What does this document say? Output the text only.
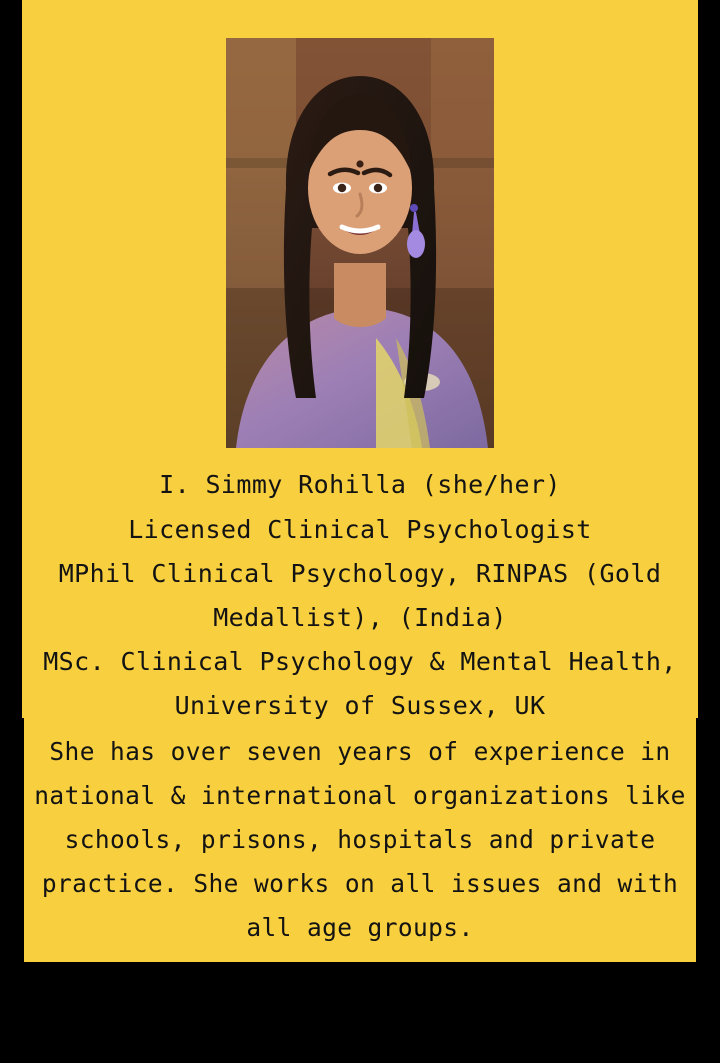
I. Simmy Rohilla (she/her)
Licensed Clinical Psychologist
MPhil Clinical Psychology, RINPAS (Gold
Medallist), (India)
MSc. Clinical Psychology & Mental Health,
University of Sussex, UK
She has over seven years of experience in
national & international organizations like
schools, prisons, hospitals and private
practice. She works on all issues and with
all age groups.
